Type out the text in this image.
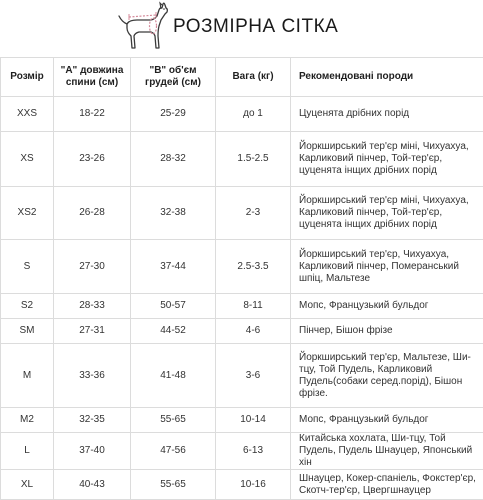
РОЗМІРНА СІТКА
Розмір	"А" довжина спини (см)	"В" об'єм грудей (см)	Вага (кг)	Рекомендовані породи
XXS	18-22	25-29	до 1	Цуценята дрібних порід
XS	23-26	28-32	1.5-2.5	Йоркширський тер'єр міні, Чихуахуа, Карликовий пінчер, Той-тер'єр, цуценята інщих дрібних порід
XS2	26-28	32-38	2-3	Йоркширський тер'єр міні, Чихуахуа, Карликовий пінчер, Той-тер'єр, цуценята інщих дрібних порід
S	27-30	37-44	2.5-3.5	Йоркширський тер'єр, Чихуахуа, Карликовий пінчер, Померанський шпіц, Мальтезе
S2	28-33	50-57	8-11	Мопс, Французький бульдог
SM	27-31	44-52	4-6	Пінчер, Бішон фрізе
M	33-36	41-48	3-6	Йоркширський тер'єр, Мальтезе, Ши-тцу, Той Пудель, Карликовий Пудель(собаки серед.поpід), Бішон фрізе.
M2	32-35	55-65	10-14	Мопс, Французький бульдог
L	37-40	47-56	6-13	Китайська хохлата, Ши-тцу, Той Пудель, Пудель Шнауцер, Японський хін
XL	40-43	55-65	10-16	Шнауцер, Кокер-спаніель, Фокстер'єр, Скотч-тер'єр, Цвергшнауцер
